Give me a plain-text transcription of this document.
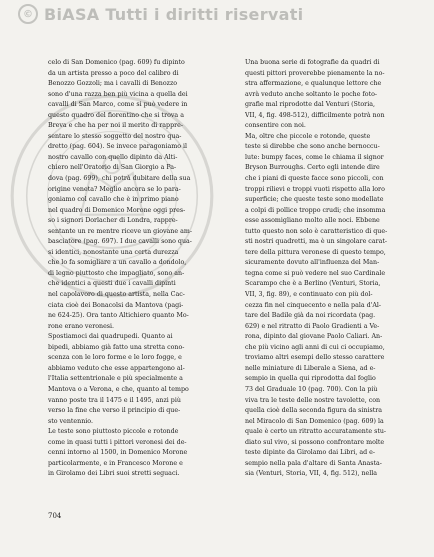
© BiASA Tutti i diritti riservati
celo di San Domenico (pag. 609) fu dipinto
da un artista presso a poco del calibro di
Benozzo Gozzoli; ma i cavalli di Benozzo
sono d'una razza ben più vicina a quella dei
cavalli di San Marco, come si può vedere in
questo quadro del fiorentino che si trova a
Breva e che ha per noi il merito di rappre-
sentare lo stesso soggetto del nostro qua-
dretto (pag. 604). Se invece paragoniamo il
nostro cavallo con quello dipinto da Alti-
chiero nell'Oratorio di San Giorgio a Pa-
dova (pag. 699), chi potrà dubitare della sua
origine veneta? Meglio ancora se lo para-
goniamo col cavallo che è in primo piano
nel quadro di Domenico Morone oggi pres-
so i signori Dorlacher di Londra, rappre-
sentante un re mentre riceve un giovane am-
basciatore (pag. 697). I due cavalli sono qua-
si identici, nonostante una certa durezza
che lo fa somigliare a un cavallo a dondolo,
di legno piuttosto che impagliato, sono an-
che identici a questi due i cavalli dipinti
nel capolavoro di questo artista, nella Cac-
ciata cioè dei Bonacolsi da Mantova (pagi-
ne 624-25). Ora tanto Altichiero quanto Mo-
rone erano veronesi.
Spostiamoci dai quadrupedi. Quanto ai
bipedi, abbiamo già fatto una stretta cono-
scenza con le loro forme e le loro fogge, e
abbiamo veduto che esse appartengono al-
l'Italia settentrionale e più specialmente a
Mantova o a Verona, e che, quanto al tempo
vanno poste tra il 1475 e il 1495, anzi più
verso la fine che verso il principio di que-
sto ventennio.
Le teste sono piuttosto piccole e rotonde
come in quasi tutti i pittori veronesi dei de-
cenni intorno al 1500, in Domenico Morone
particolarmente, e in Francesco Morone e
in Girolamo dei Libri suoi stretti seguaci.
Una buona serie di fotografie da quadri di
questi pittori proverebbe pienamente la no-
stra affermazione, e qualunque lettore che
avrà veduto anche soltanto le poche foto-
grafie mal riprodotte dal Venturi (Storia,
VII, 4, fig. 498-512), difficilmente potrà non
consentire con noi.
Ma, oltre che piccole e rotonde, queste
teste si direbbe che sono anche bernoccu-
lute: bumpy faces, come le chiama il signor
Bryson Burroughs. Certo egli intende dire
che i piani di queste facce sono piccoli, con
troppi rilievi e troppi vuoti rispetto alla loro
superficie; che queste teste sono modellate
a colpi di pollice troppo crudi; che insomma
esse assomigliano molto alle noci. Ebbene
tutto questo non solo è caratteristico di que-
sti nostri quadretti, ma è un singolare carat-
tere della pittura veronese di questo tempo,
sicuramente dovuto all'influenza del Man-
tegna come si può vedere nel suo Cardinale
Scarampo che è a Berlino (Venturi, Storia,
VII, 3, fig. 89), e continuato con più dol-
cezza fin nel cinquecento e nella pala d'Al-
tare del Badile già da noi ricordata (pag.
629) e nel ritratto di Paolo Gradienti a Ve-
rona, dipinto dal giovane Paolo Caliari. An-
che più vicino agli anni di cui ci occupiamo,
troviamo altri esempi dello stesso carattere
nelle miniature di Liberale a Siena, ad e-
sempio in quella qui riprodotta dal foglio
73 del Graduale 10 (pag. 700). Con la più
viva tra le teste delle nostre tavolette, con
quella cioè della seconda figura da sinistra
nel Miracolo di San Domenico (pag. 609) la
quale è certo un ritratto accuratamente stu-
diato sul vivo, si possono confrontare molte
teste dipinte da Girolamo dai Libri, ad e-
sempio nella pala d'altare di Santa Anasta-
sia (Venturi, Storia, VII, 4, fig. 512), nella
704
